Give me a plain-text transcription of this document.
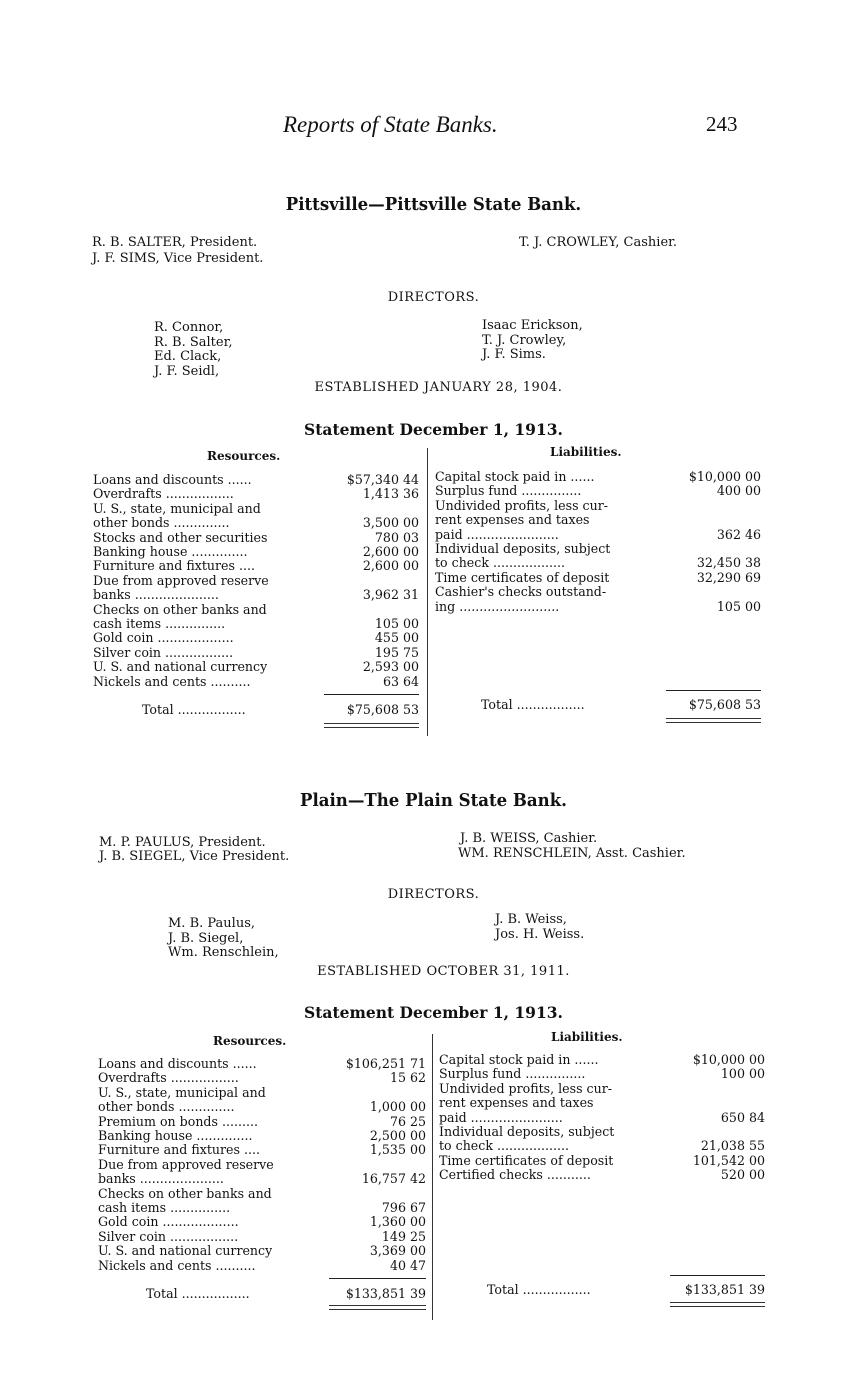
Reports of State Banks.	243
Pittsville—Pittsville State Bank.
R. B. SALTER, President.
J. F. SIMS, Vice President.
T. J. CROWLEY, Cashier.
DIRECTORS.
R. Connor,
R. B. Salter,
Ed. Clack,
J. F. Seidl,
Isaac Erickson,
T. J. Crowley,
J. F. Sims.
ESTABLISHED JANUARY 28, 1904.
Statement December 1, 1913.
Resources.	Liabilities.
Loans and discounts ......	$57,340 44
Overdrafts .................	1,413 36
U. S., state, municipal and
other bonds ..............	3,500 00
Stocks and other securities	780 03
Banking house ..............	2,600 00
Furniture and fixtures ....	2,600 00
Due from approved reserve
banks .....................	3,962 31
Checks on other banks and
cash items ...............	105 00
Gold coin ...................	455 00
Silver coin .................	195 75
U. S. and national currency	2,593 00
Nickels and cents ..........	63 64
Capital stock paid in ......	$10,000 00
Surplus fund ...............	400 00
Undivided profits, less cur-
rent expenses and taxes
paid .......................	362 46
Individual deposits, subject
to check ..................	32,450 38
Time certificates of deposit	32,290 69
Cashier's checks outstand-
ing .........................	105 00
Total .................	$75,608 53	Total .................	$75,608 53
Plain—The Plain State Bank.
M. P. PAULUS, President.
J. B. SIEGEL, Vice President.
J. B. WEISS, Cashier.
WM. RENSCHLEIN, Asst. Cashier.
DIRECTORS.
M. B. Paulus,
J. B. Siegel,
Wm. Renschlein,
J. B. Weiss,
Jos. H. Weiss.
ESTABLISHED OCTOBER 31, 1911.
Statement December 1, 1913.
Resources.	Liabilities.
Loans and discounts ......	$106,251 71
Overdrafts .................	15 62
U. S., state, municipal and
other bonds ..............	1,000 00
Premium on bonds .........	76 25
Banking house ..............	2,500 00
Furniture and fixtures ....	1,535 00
Due from approved reserve
banks .....................	16,757 42
Checks on other banks and
cash items ...............	796 67
Gold coin ...................	1,360 00
Silver coin .................	149 25
U. S. and national currency	3,369 00
Nickels and cents ..........	40 47
Capital stock paid in ......	$10,000 00
Surplus fund ...............	100 00
Undivided profits, less cur-
rent expenses and taxes
paid .......................	650 84
Individual deposits, subject
to check ..................	21,038 55
Time certificates of deposit	101,542 00
Certified checks ...........	520 00
Total .................	$133,851 39	Total .................	$133,851 39
